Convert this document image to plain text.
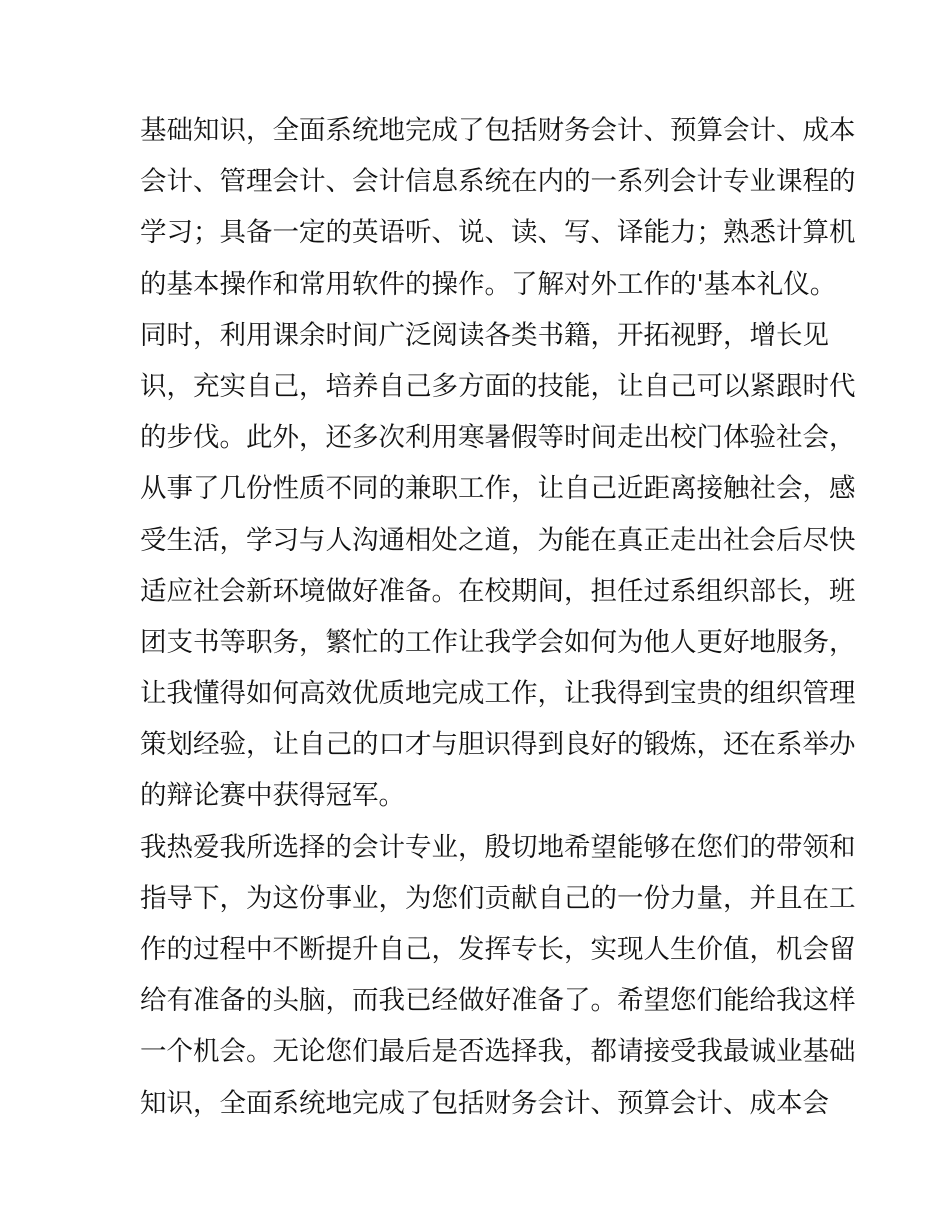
基础知识，全面系统地完成了包括财务会计、预算会计、成本
会计、管理会计、会计信息系统在内的一系列会计专业课程的
学习；具备一定的英语听、说、读、写、译能力；熟悉计算机
的基本操作和常用软件的操作。了解对外工作的'基本礼仪。
同时，利用课余时间广泛阅读各类书籍，开拓视野，增长见
识，充实自己，培养自己多方面的技能，让自己可以紧跟时代
的步伐。此外，还多次利用寒暑假等时间走出校门体验社会，
从事了几份性质不同的兼职工作，让自己近距离接触社会，感
受生活，学习与人沟通相处之道，为能在真正走出社会后尽快
适应社会新环境做好准备。在校期间，担任过系组织部长，班
团支书等职务，繁忙的工作让我学会如何为他人更好地服务，
让我懂得如何高效优质地完成工作，让我得到宝贵的组织管理
策划经验，让自己的口才与胆识得到良好的锻炼，还在系举办
的辩论赛中获得冠军。
我热爱我所选择的会计专业，殷切地希望能够在您们的带领和
指导下，为这份事业，为您们贡献自己的一份力量，并且在工
作的过程中不断提升自己，发挥专长，实现人生价值，机会留
给有准备的头脑，而我已经做好准备了。希望您们能给我这样
一个机会。无论您们最后是否选择我，都请接受我最诚业基础
知识，全面系统地完成了包括财务会计、预算会计、成本会
